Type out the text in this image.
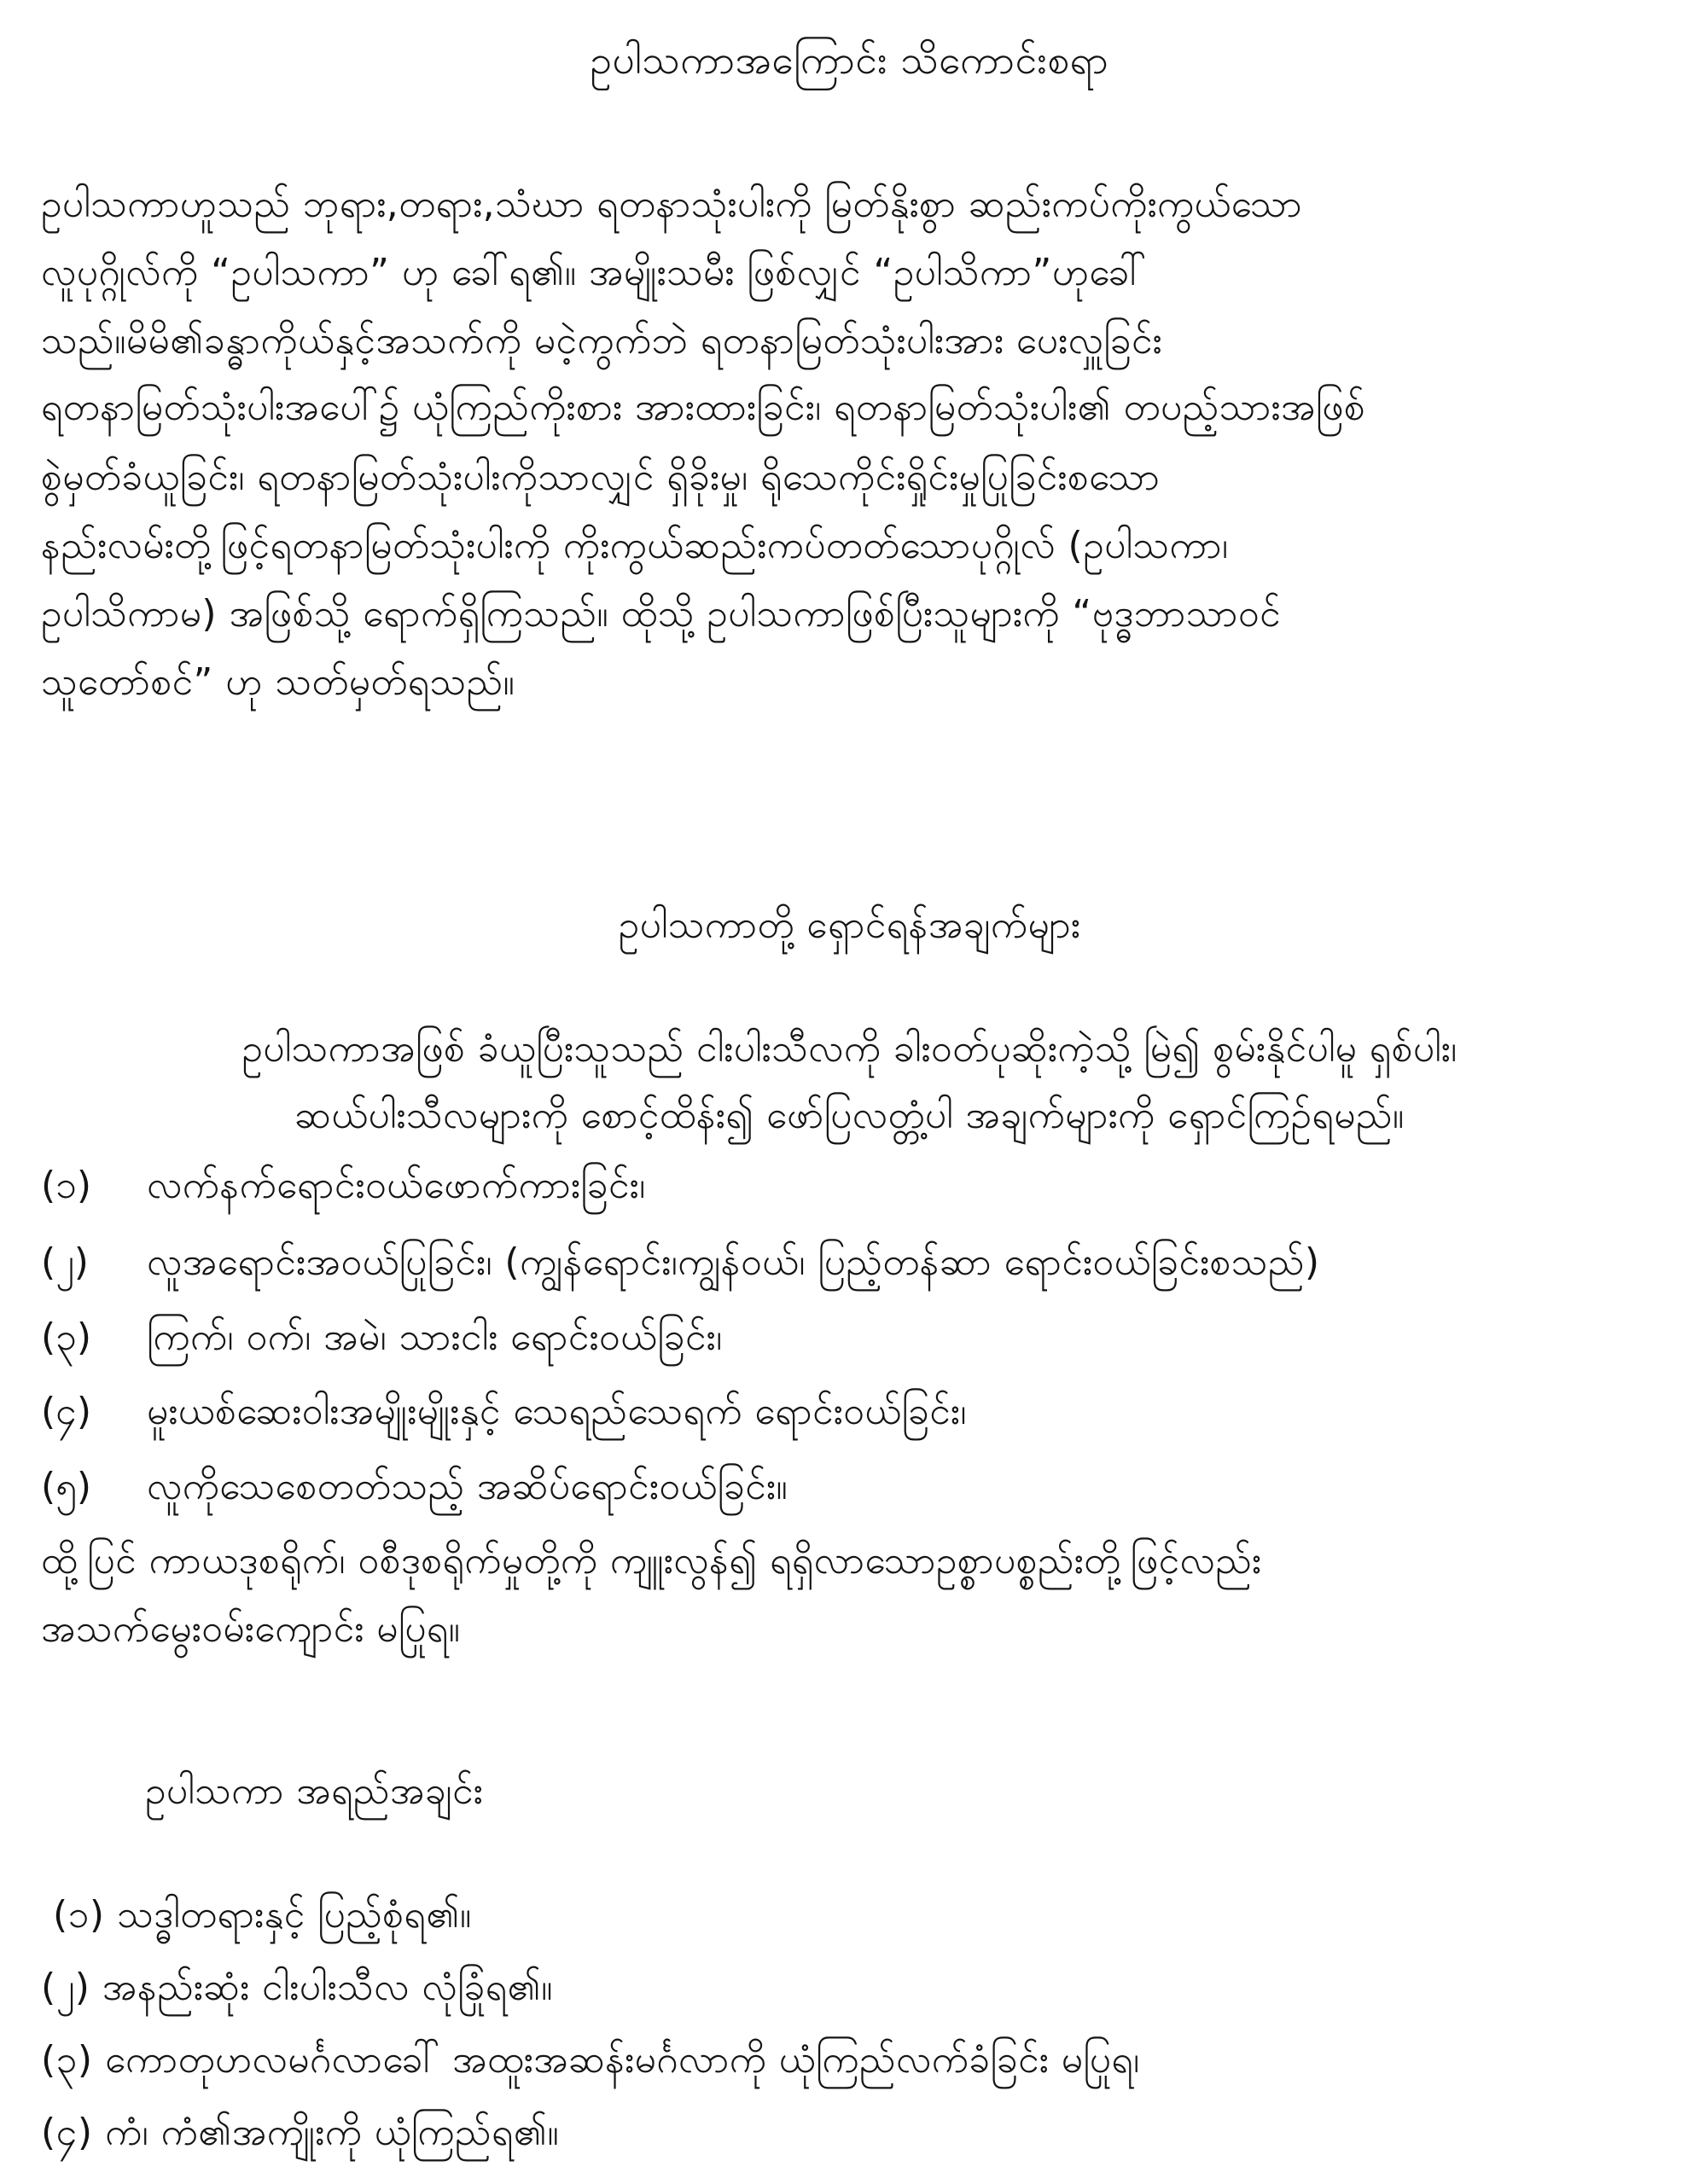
ဥပါသကာအကြောင်း သိကောင်းစရာ
ဥပါသကာဟူသည် ဘုရား,တရား,သံဃာ ရတနာသုံးပါးကို မြတ်နိုးစွာ ဆည်းကပ်ကိုးကွယ်သော
လူပုဂ္ဂိုလ်ကို “ဥပါသကာ” ဟု ခေါ်ရ၏။ အမျိုးသမီး ဖြစ်လျှင် “ဥပါသိကာ”ဟုခေါ်
သည်။မိမိ၏ခန္ဓာကိုယ်နှင့်အသက်ကို မငဲ့ကွက်ဘဲ ရတနာမြတ်သုံးပါးအား ပေးလှူခြင်း
ရတနာမြတ်သုံးပါးအပေါ်၌ ယုံကြည်ကိုးစား အားထားခြင်း၊ ရတနာမြတ်သုံးပါး၏ တပည့်သားအဖြစ်
စွဲမှတ်ခံယူခြင်း၊ ရတနာမြတ်သုံးပါးကိုသာလျှင် ရှိခိုးမှု၊ ရိုသေကိုင်းရှိုင်းမှုပြုခြင်းစသော
နည်းလမ်းတို့ဖြင့်ရတနာမြတ်သုံးပါးကို ကိုးကွယ်ဆည်းကပ်တတ်သောပုဂ္ဂိုလ် (ဥပါသကာ၊
ဥပါသိကာမ) အဖြစ်သို့ ရောက်ရှိကြသည်။ ထိုသို့ ဥပါသကာဖြစ်ပြီးသူများကို “ဗုဒ္ဓဘာသာဝင်
သူတော်စင်” ဟု သတ်မှတ်ရသည်။
ဥပါသကာတို့ ရှောင်ရန်အချက်များ
ဥပါသကာအဖြစ် ခံယူပြီးသူသည် ငါးပါးသီလကို ခါးဝတ်ပုဆိုးကဲ့သို့ မြဲ၍ စွမ်းနိုင်ပါမူ ရှစ်ပါး၊
ဆယ်ပါးသီလများကို စောင့်ထိန်း၍ ဖော်ပြလတ္တံ့ပါ အချက်များကို ရှောင်ကြဉ်ရမည်။
(၁) လက်နက်ရောင်းဝယ်ဖောက်ကားခြင်း၊
(၂) လူအရောင်းအဝယ်ပြုခြင်း၊ (ကျွန်ရောင်း၊ကျွန်ဝယ်၊ ပြည့်တန်ဆာ ရောင်းဝယ်ခြင်းစသည်)
(၃) ကြက်၊ ဝက်၊ အမဲ၊ သားငါး ရောင်းဝယ်ခြင်း၊
(၄) မူးယစ်ဆေးဝါးအမျိုးမျိုးနှင့် သေရည်သေရက် ရောင်းဝယ်ခြင်း၊
(၅) လူကိုသေစေတတ်သည့် အဆိပ်ရောင်းဝယ်ခြင်း။
ထို့ပြင် ကာယဒုစရိုက်၊ ဝစီဒုစရိုက်မှုတို့ကို ကျူးလွန်၍ ရရှိလာသောဥစ္စာပစ္စည်းတို့ဖြင့်လည်း
အသက်မွေးဝမ်းကျောင်း မပြုရ။
ဥပါသကာ အရည်အချင်း
(၁) သဒ္ဓါတရားနှင့် ပြည့်စုံရ၏။
(၂) အနည်းဆုံး ငါးပါးသီလ လုံခြုံရ၏။
(၃) ကောတုဟလမင်္ဂလာခေါ် အထူးအဆန်းမင်္ဂလာကို ယုံကြည်လက်ခံခြင်း မပြုရ၊
(၄) ကံ၊ ကံ၏အကျိုးကို ယုံကြည်ရ၏။
